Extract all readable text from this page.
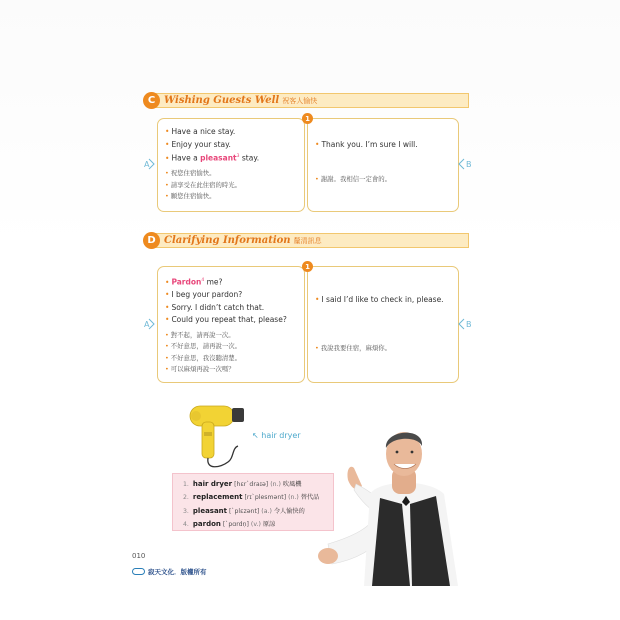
C Wishing Guests Well 祝客人愉快
1
• Have a nice stay.
• Enjoy your stay.
• Have a pleasant$^3$ stay.
• 祝您住宿愉快。
• 請享受在此住宿的時光。
• 願您住宿愉快。
• Thank you. I’m sure I will.
• 謝謝。我相信一定會的。
A	B
D Clarifying Information 釐清訊息
1
• Pardon$^4$ me?
• I beg your pardon?
• Sorry. I didn’t catch that.
• Could you repeat that, please?
• 對不起，請再說一次。
• 不好意思，請再說一次。
• 不好意思，我沒聽清楚。
• 可以麻煩再說一次嗎？
• I said I’d like to check in, please.
• 我說我要住宿，麻煩你。
A	B
↖ hair dryer
1. hair dryer [hɛr`draɪə] (n.) 吹風機
2. replacement [rɪ`plesmənt] (n.) 替代品
3. pleasant [`plɛzənt] (a.) 令人愉快的
4. pardon [`pɑrdṇ] (v.) 原諒
010
寂天文化．版權所有
